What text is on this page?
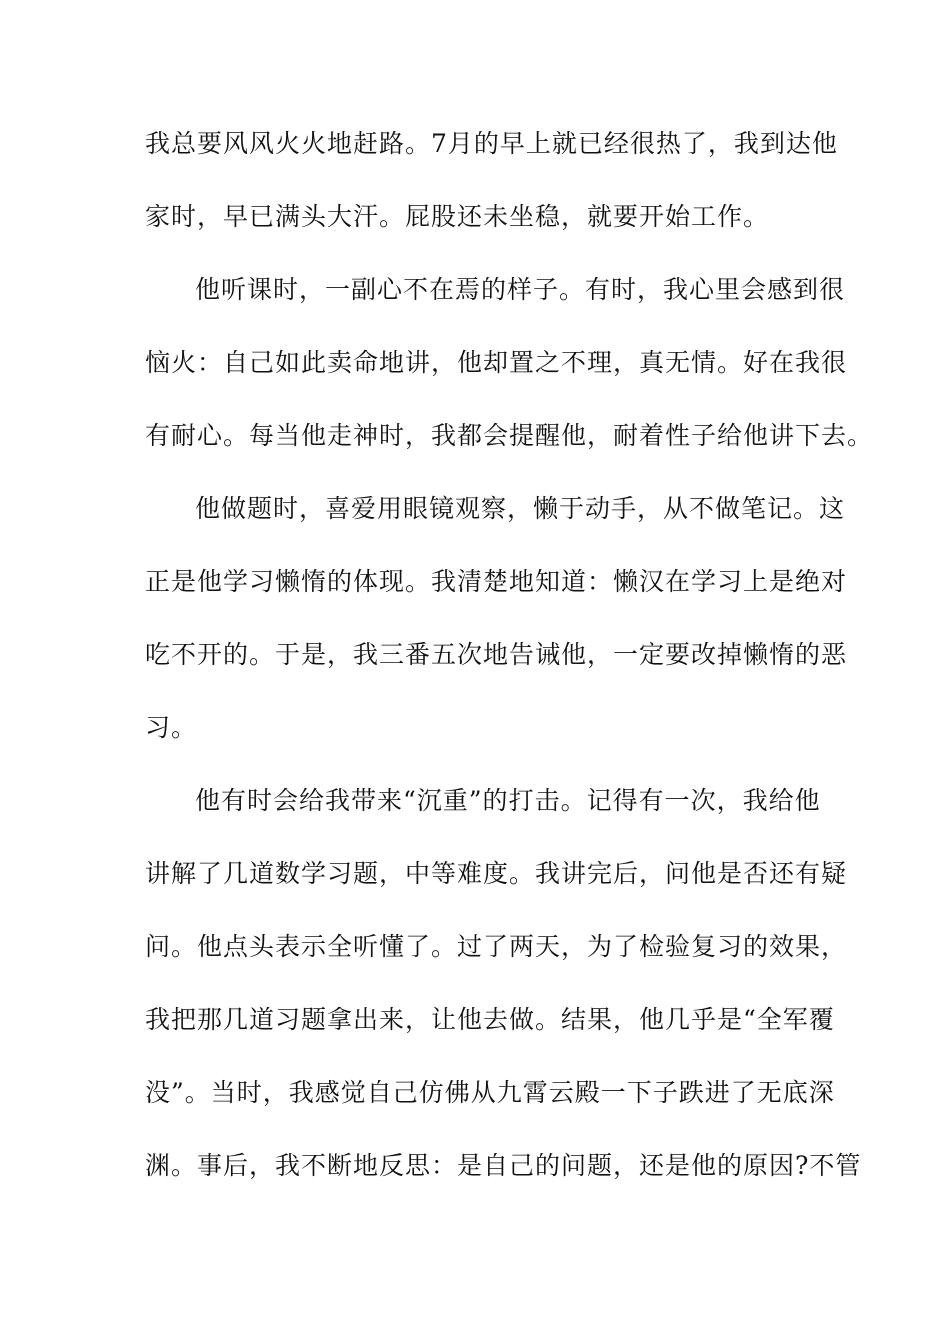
我总要风风火火地赶路。7月的早上就已经很热了，我到达他
家时，早已满头大汗。屁股还未坐稳，就要开始工作。
他听课时，一副心不在焉的样子。有时，我心里会感到很
恼火：自己如此卖命地讲，他却置之不理，真无情。好在我很
有耐心。每当他走神时，我都会提醒他，耐着性子给他讲下去。
他做题时，喜爱用眼镜观察，懒于动手，从不做笔记。这
正是他学习懒惰的体现。我清楚地知道：懒汉在学习上是绝对
吃不开的。于是，我三番五次地告诫他，一定要改掉懒惰的恶
习。
他有时会给我带来“沉重”的打击。记得有一次，我给他
讲解了几道数学习题，中等难度。我讲完后，问他是否还有疑
问。他点头表示全听懂了。过了两天，为了检验复习的效果，
我把那几道习题拿出来，让他去做。结果，他几乎是“全军覆
没”。当时，我感觉自己仿佛从九霄云殿一下子跌进了无底深
渊。事后，我不断地反思：是自己的问题，还是他的原因?不管
